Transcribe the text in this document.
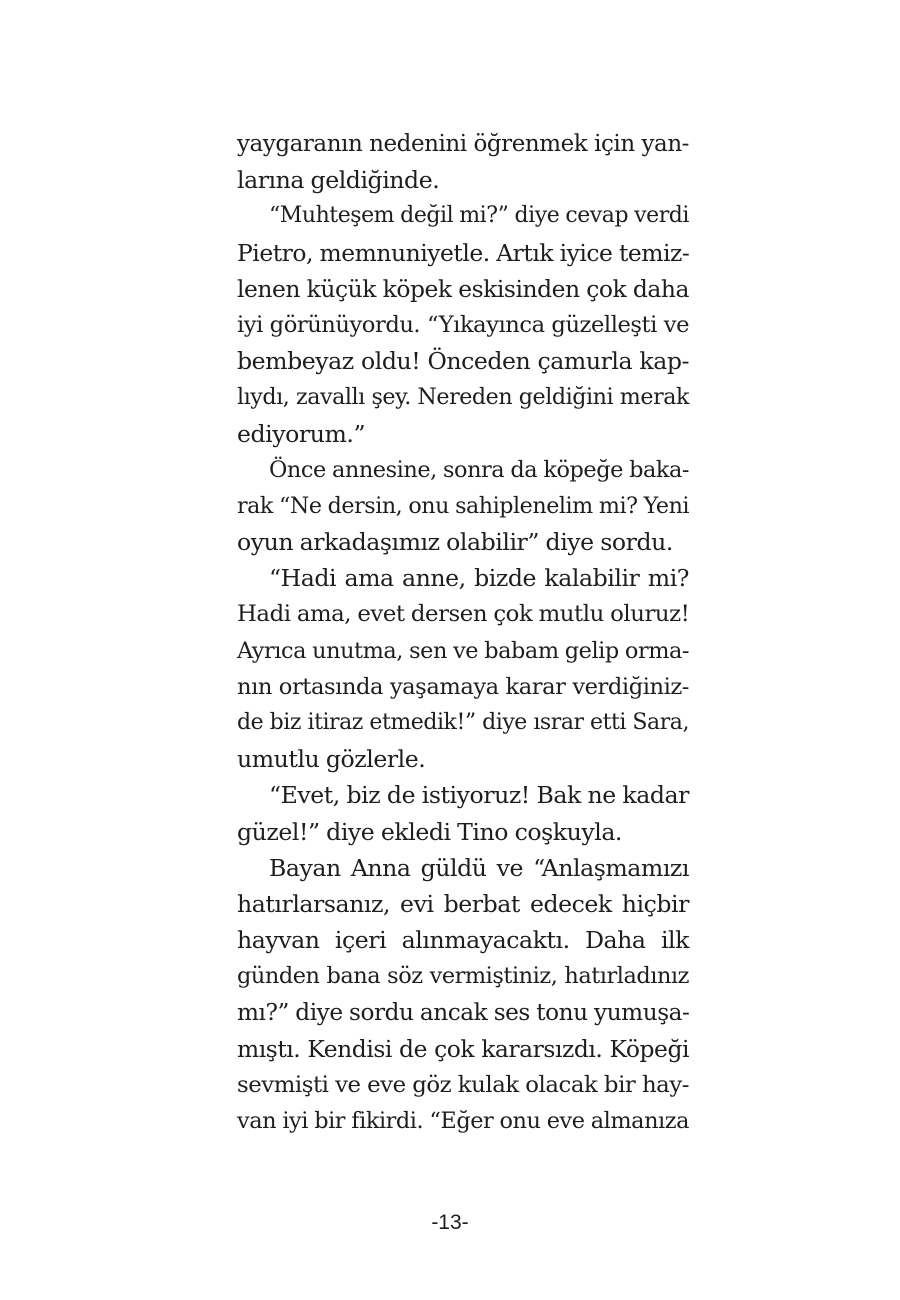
yaygaranın nedenini öğrenmek için yan-
larına geldiğinde.
“Muhteşem değil mi?” diye cevap verdi
Pietro, memnuniyetle. Artık iyice temiz-
lenen küçük köpek eskisinden çok daha
iyi görünüyordu. “Yıkayınca güzelleşti ve
bembeyaz oldu! Önceden çamurla kap-
lıydı, zavallı şey. Nereden geldiğini merak
ediyorum.”
Önce annesine, sonra da köpeğe baka-
rak “Ne dersin, onu sahiplenelim mi? Yeni
oyun arkadaşımız olabilir” diye sordu.
“Hadi ama anne, bizde kalabilir mi?
Hadi ama, evet dersen çok mutlu oluruz!
Ayrıca unutma, sen ve babam gelip orma-
nın ortasında yaşamaya karar verdiğiniz-
de biz itiraz etmedik!” diye ısrar etti Sara,
umutlu gözlerle.
“Evet, biz de istiyoruz! Bak ne kadar
güzel!” diye ekledi Tino coşkuyla.
Bayan Anna güldü ve “Anlaşmamızı
hatırlarsanız, evi berbat edecek hiçbir
hayvan içeri alınmayacaktı. Daha ilk
günden bana söz vermiştiniz, hatırladınız
mı?” diye sordu ancak ses tonu yumuşa-
mıştı. Kendisi de çok kararsızdı. Köpeği
sevmişti ve eve göz kulak olacak bir hay-
van iyi bir fikirdi. “Eğer onu eve almanıza
-13-
